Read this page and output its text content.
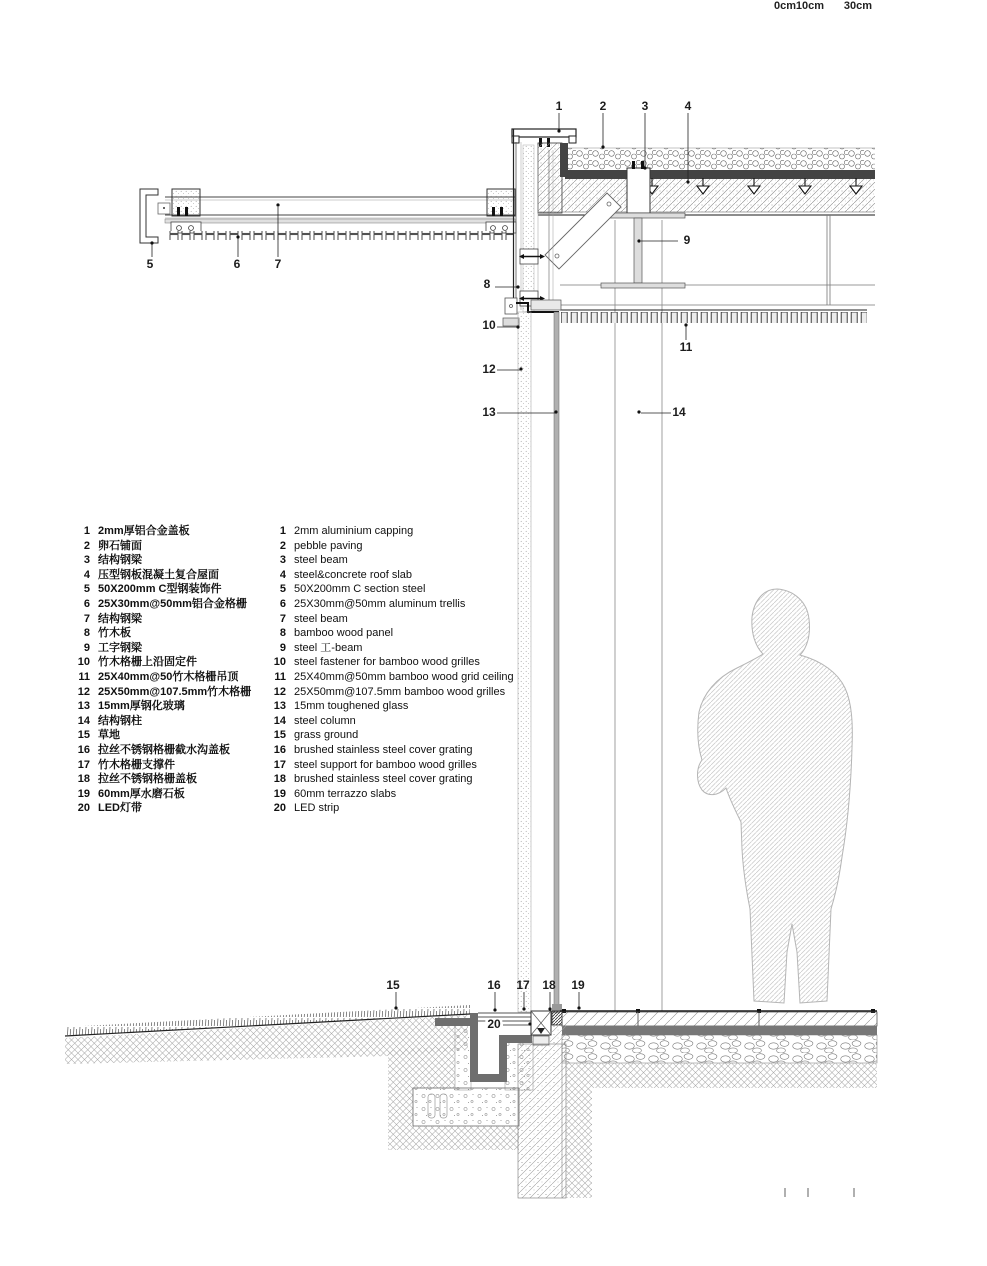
1 2mm厚铝合金盖板
2 卵石铺面
3 结构钢梁
4 压型钢板混凝土复合屋面
5 50X200mm C型钢装饰件
6 25X30mm@50mm铝合金格栅
7 结构钢梁
8 竹木板
9 工字钢梁
10 竹木格栅上沿固定件
11 25X40mm@50竹木格栅吊顶
12 25X50mm@107.5mm竹木格栅
13 15mm厚钢化玻璃
14 结构钢柱
15 草地
16 拉丝不锈钢格栅截水沟盖板
17 竹木格栅支撑件
18 拉丝不锈钢格栅盖板
19 60mm厚水磨石板
20 LED灯带
1 2mm aluminium capping
2 pebble paving
3 steel beam
4 steel&concrete roof slab
5 50X200mm C section steel
6 25X30mm@50mm aluminum trellis
7 steel beam
8 bamboo wood panel
9 steel 工-beam
10 steel fastener for bamboo wood grilles
11 25X40mm@50mm bamboo wood grid ceiling
12 25X50mm@107.5mm bamboo wood grilles
13 15mm toughened glass
14 steel column
15 grass ground
16 brushed stainless steel cover grating
17 steel support for bamboo wood grilles
18 brushed stainless steel cover grating
19 60mm terrazzo slabs
20 LED strip
1	2	3	4
5	6	7
8
9
10
11
12
13	14
15	16 17 18 19
20
0cm 10cm 30cm
